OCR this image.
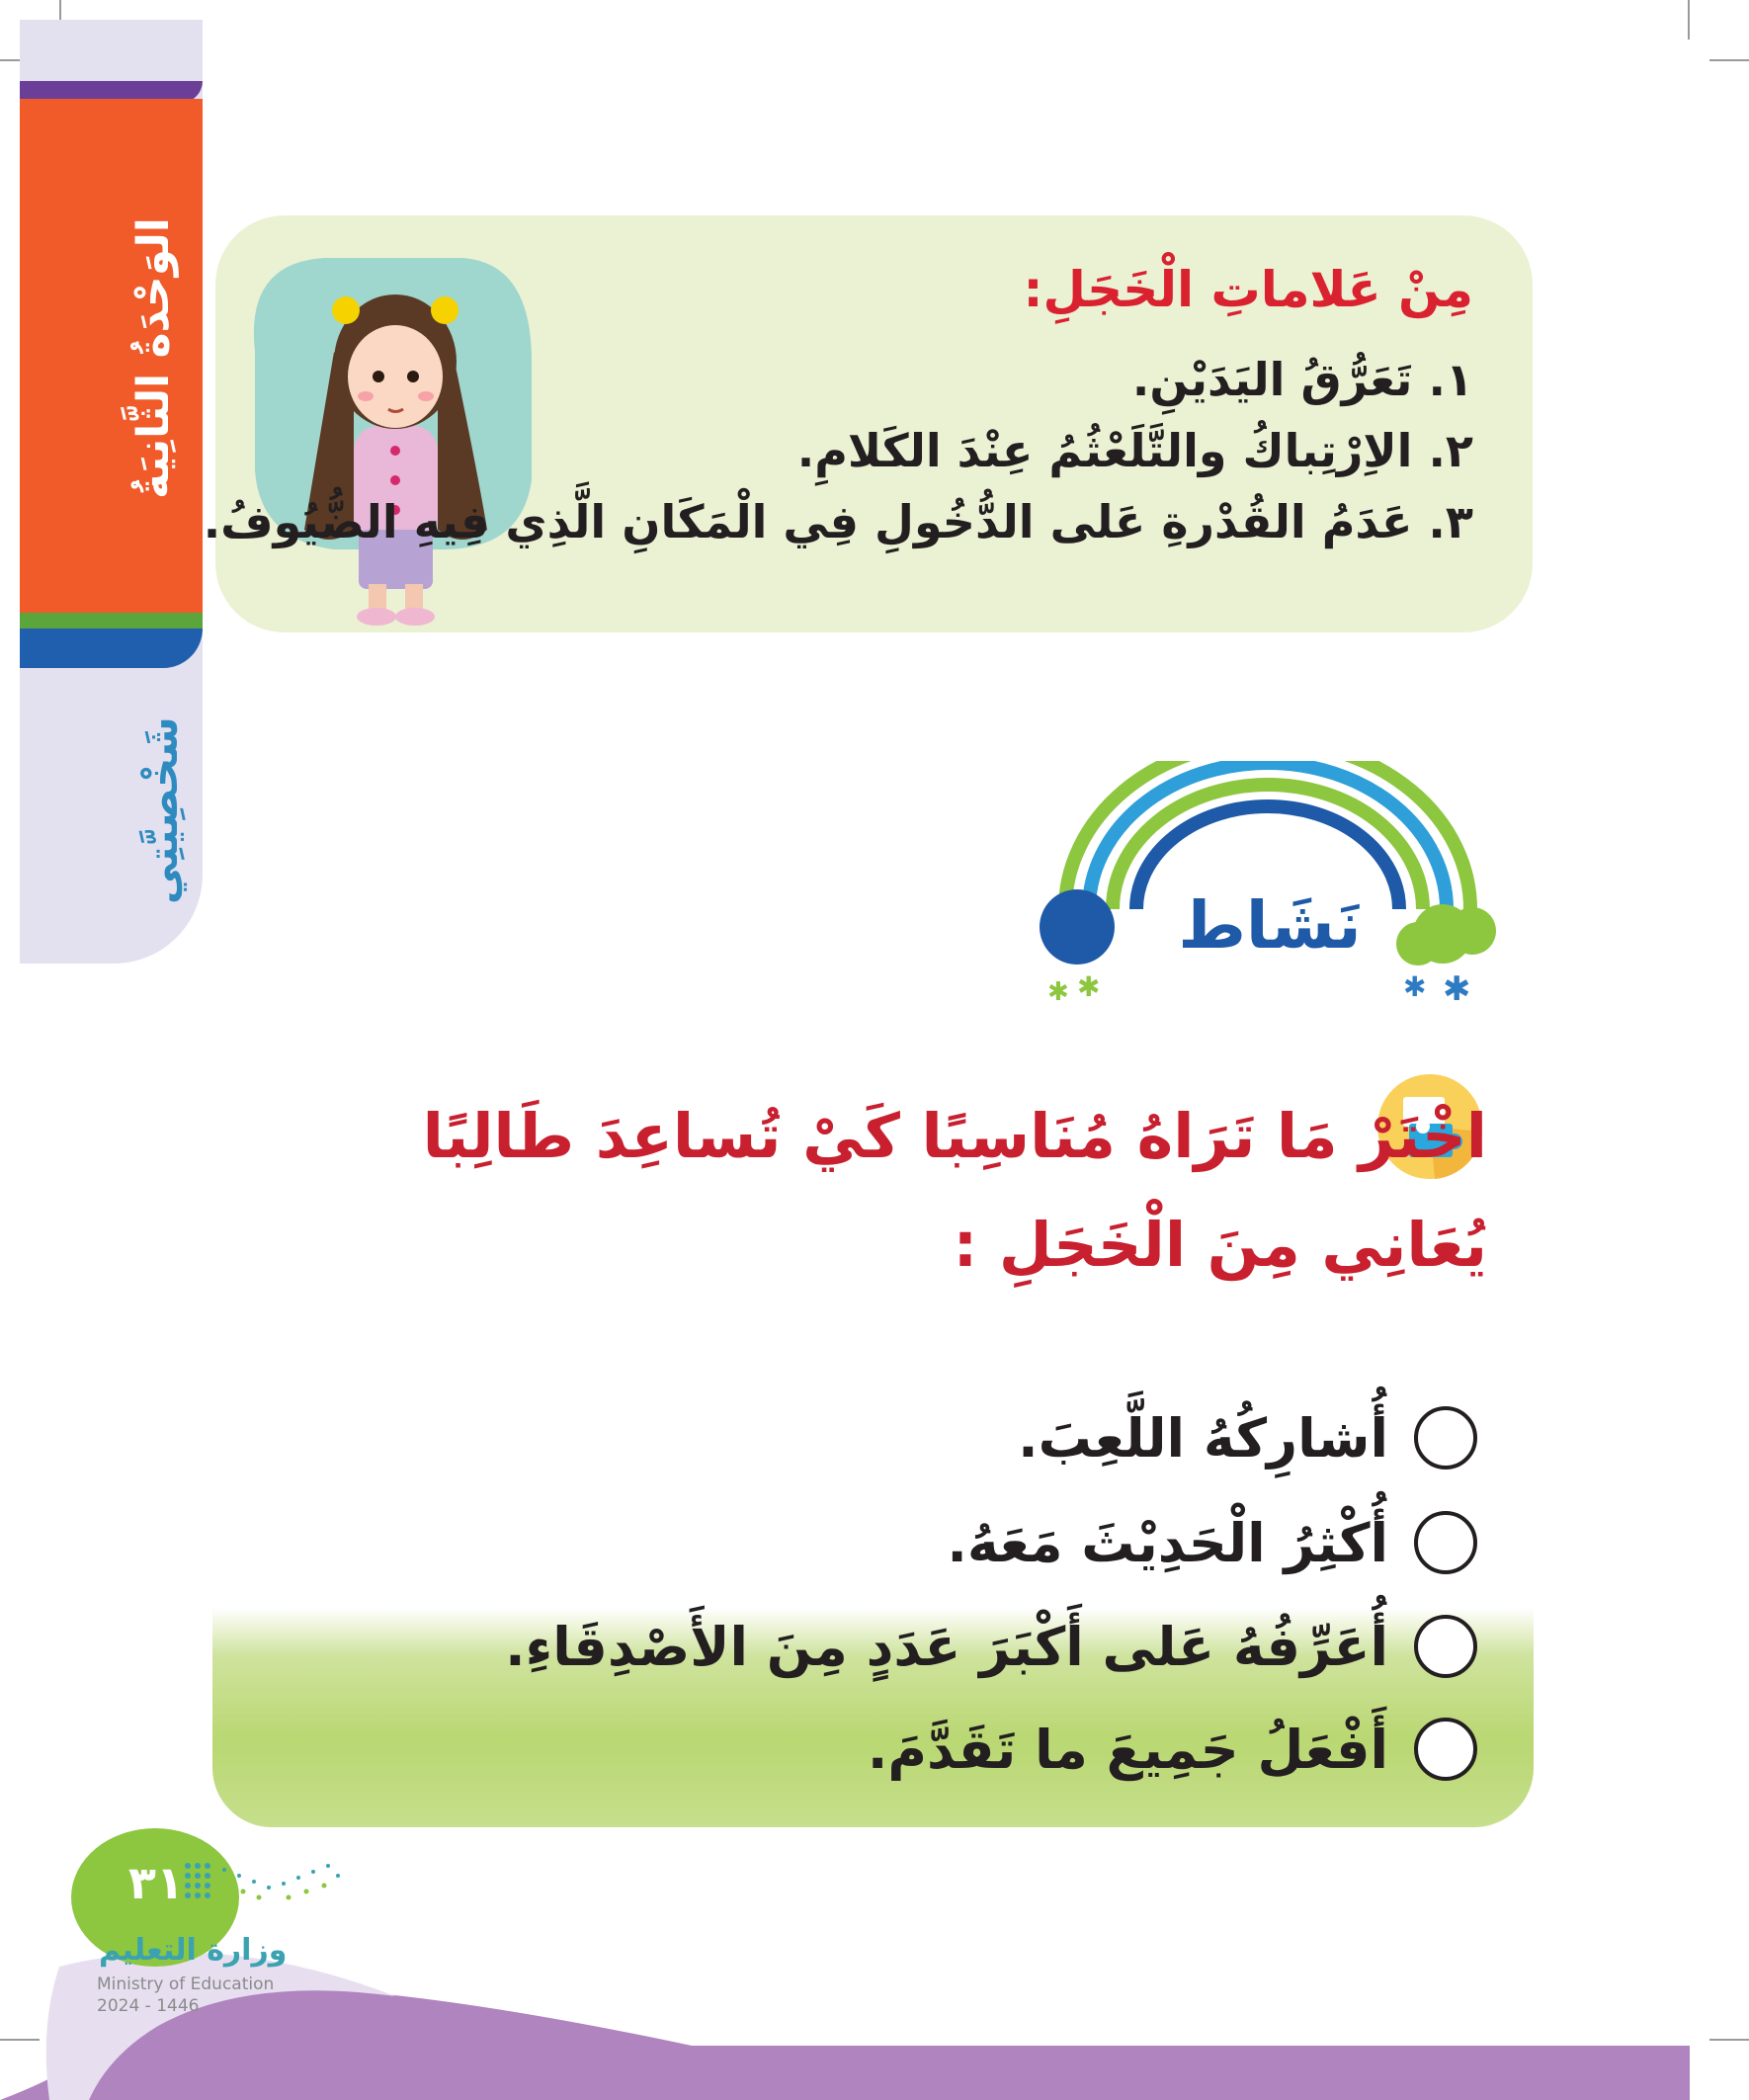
الوَحْدَةُ الثَّانِيَةُ
شَخْصِيَّتِي
مِنْ عَلاماتِ الْخَجَلِ:
١. تَعَرُّقُ اليَدَيْنِ.
٢. الاِرْتِباكُ والتَّلَعْثُمُ عِنْدَ الكَلامِ.
٣. عَدَمُ القُدْرةِ عَلى الدُّخُولِ فِي الْمَكَانِ الَّذِي فِيهِ الضُّيُوفُ.
✱ ✱
✱ ✱
نَشَاط

اخْتَرْ مَا تَرَاهُ مُنَاسِبًا كَيْ تُساعِدَ طَالِبًا يُعَانِي مِنَ الْخَجَلِ :

أُشارِكُهُ اللَّعِبَ.
أُكْثِرُ الْحَدِيْثَ مَعَهُ.
أُعَرِّفُهُ عَلى أَكْبَرَ عَدَدٍ مِنَ الأَصْدِقَاءِ.
أَفْعَلُ جَمِيعَ ما تَقَدَّمَ.
٣١
وزارة التعليم
Ministry of Education
2024 - 1446
